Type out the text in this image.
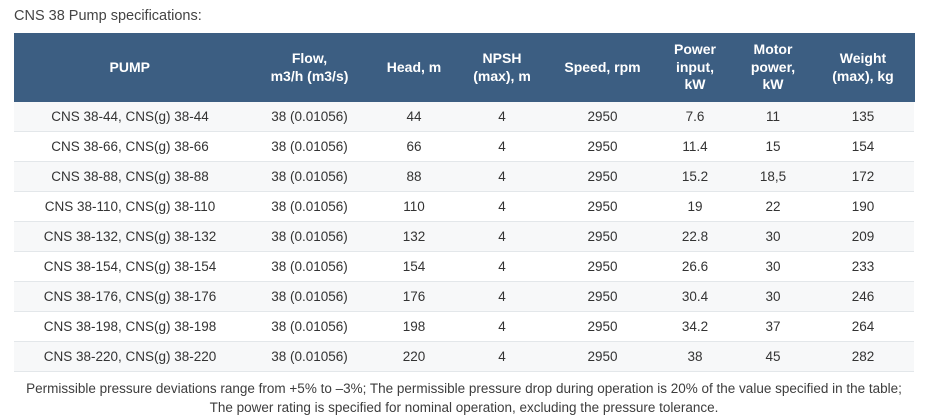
CNS 38 Pump specifications:
PUMP	Flow,
m3/h (m3/s)	Head, m	NPSH
(max), m	Speed, rpm	Power
input,
kW	Motor
power,
kW	Weight
(max), kg
CNS 38-44, CNS(g) 38-44	38 (0.01056)	44	4	2950	7.6	11	135
CNS 38-66, CNS(g) 38-66	38 (0.01056)	66	4	2950	11.4	15	154
CNS 38-88, CNS(g) 38-88	38 (0.01056)	88	4	2950	15.2	18,5	172
CNS 38-110, CNS(g) 38-110	38 (0.01056)	110	4	2950	19	22	190
CNS 38-132, CNS(g) 38-132	38 (0.01056)	132	4	2950	22.8	30	209
CNS 38-154, CNS(g) 38-154	38 (0.01056)	154	4	2950	26.6	30	233
CNS 38-176, CNS(g) 38-176	38 (0.01056)	176	4	2950	30.4	30	246
CNS 38-198, CNS(g) 38-198	38 (0.01056)	198	4	2950	34.2	37	264
CNS 38-220, CNS(g) 38-220	38 (0.01056)	220	4	2950	38	45	282
Permissible pressure deviations range from +5% to –3%; The permissible pressure drop during operation is 20% of the value specified in the table; The power rating is specified for nominal operation, excluding the pressure tolerance.
